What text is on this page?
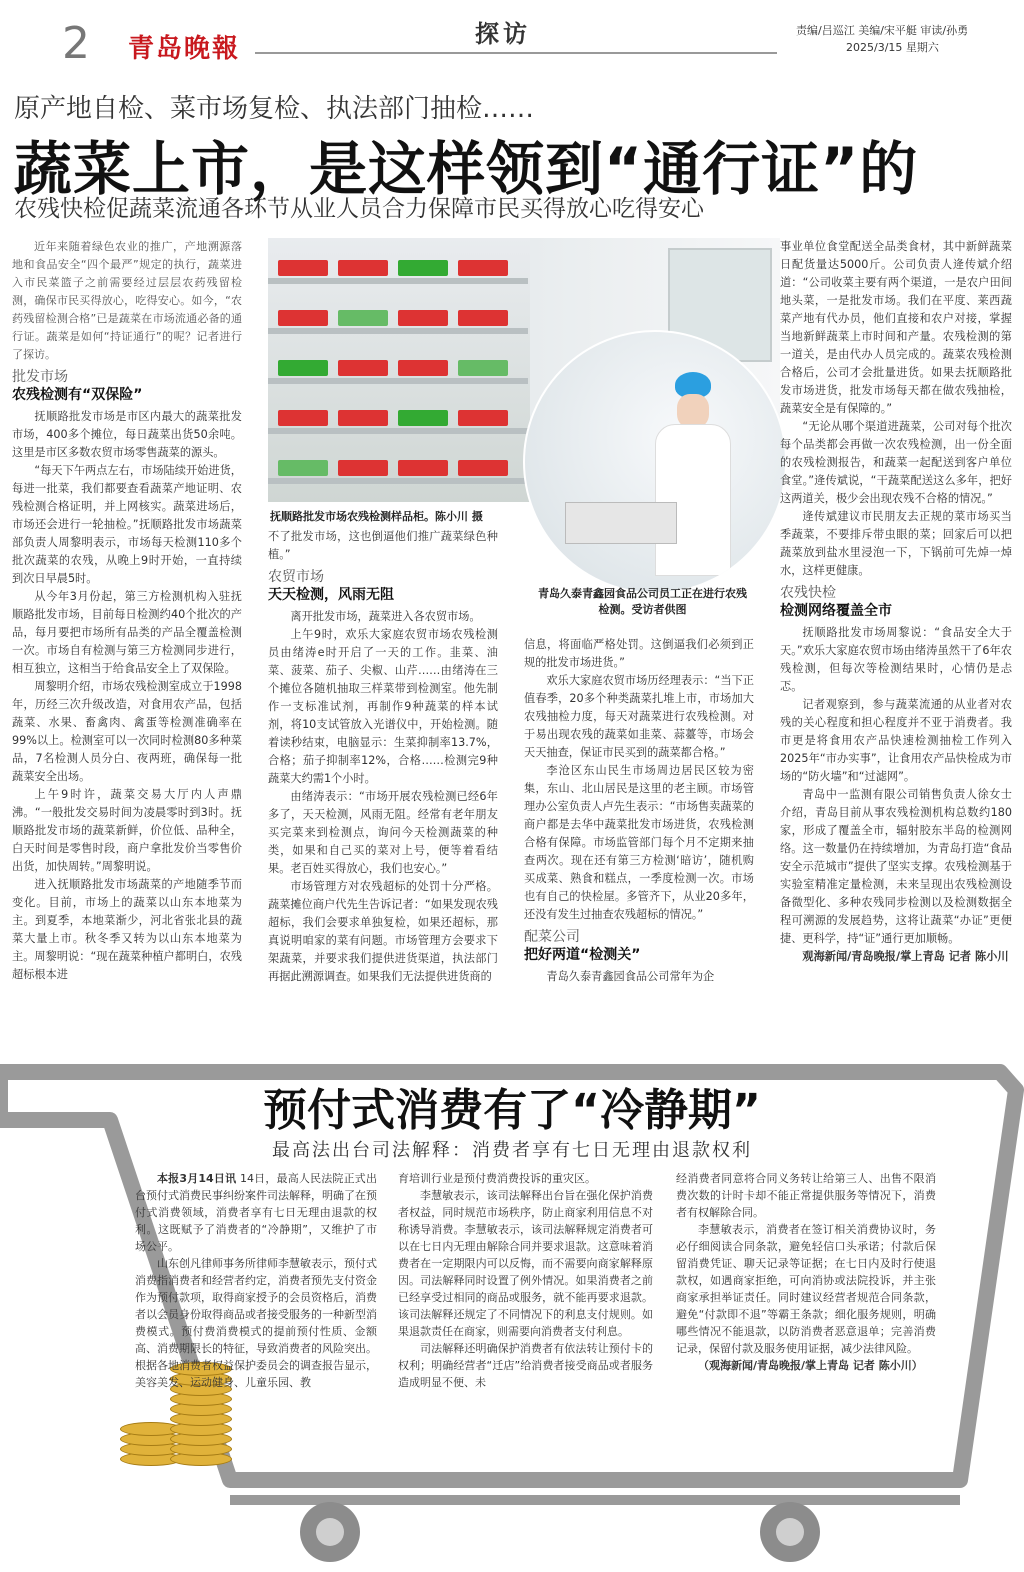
2 青岛晚報	探访	责编/吕巡江 美编/宋平艇 审读/孙勇
2025/3/15 星期六
原产地自检、菜市场复检、执法部门抽检……
蔬菜上市，是这样领到“通行证”的
农残快检促蔬菜流通各环节从业人员合力保障市民买得放心吃得安心

近年来随着绿色农业的推广，产地溯源落地和食品安全“四个最严”规定的执行，蔬菜进入市民菜篮子之前需要经过层层农药残留检测，确保市民买得放心，吃得安心。如今，“农药残留检测合格”已是蔬菜在市场流通必备的通行证。蔬菜是如何“持证通行”的呢？记者进行了探访。

批发市场
农残检测有“双保险”

抚顺路批发市场是市区内最大的蔬菜批发市场，400多个摊位，每日蔬菜出货50余吨。这里是市区多数农贸市场零售蔬菜的源头。

“每天下午两点左右，市场陆续开始进货，每进一批菜，我们都要查看蔬菜产地证明、农残检测合格证明，并上网核实。蔬菜进场后，市场还会进行一轮抽检。”抚顺路批发市场蔬菜部负责人周黎明表示，市场每天检测110多个批次蔬菜的农残，从晚上9时开始，一直持续到次日早晨5时。

从今年3月份起，第三方检测机构入驻抚顺路批发市场，目前每日检测约40个批次的产品，每月要把市场所有品类的产品全覆盖检测一次。市场自有检测与第三方检测同步进行，相互独立，这相当于给食品安全上了双保险。

周黎明介绍，市场农残检测室成立于1998年，历经三次升级改造，对食用农产品，包括蔬菜、水果、畜禽肉、禽蛋等检测准确率在99%以上。检测室可以一次同时检测80多种菜品，7名检测人员分白、夜两班，确保每一批蔬菜安全出场。

上午9时许，蔬菜交易大厅内人声鼎沸。“一般批发交易时间为凌晨零时到3时。抚顺路批发市场的蔬菜新鲜，价位低、品种全，白天时间是零售时段，商户拿批发价当零售价出货，加快周转。”周黎明说。

进入抚顺路批发市场蔬菜的产地随季节而变化。目前，市场上的蔬菜以山东本地菜为主。到夏季，本地菜渐少，河北省张北县的蔬菜大量上市。秋冬季又转为以山东本地菜为主。周黎明说：“现在蔬菜种植户都明白，农残超标根本进

抚顺路批发市场农残检测样品柜。陈小川 摄
青岛久泰青鑫园食品公司员工正在进行农残检测。受访者供图

不了批发市场，这也倒逼他们推广蔬菜绿色种植。”

农贸市场
天天检测，风雨无阻

离开批发市场，蔬菜进入各农贸市场。

上午9时，欢乐大家庭农贸市场农残检测员由绪涛e时开启了一天的工作。韭菜、油菜、菠菜、茄子、尖椒、山芹……由绪涛在三个摊位各随机抽取三样菜带到检测室。他先制作一支标准试剂，再制作9种蔬菜的样本试剂，将10支试管放入光谱仪中，开始检测。随着读秒结束，电脑显示：生菜抑制率13.7%，合格；茄子抑制率12%，合格……检测完9种蔬菜大约需1个小时。

由绪涛表示：“市场开展农残检测已经6年多了，天天检测，风雨无阻。经常有老年朋友买完菜来到检测点，询问今天检测蔬菜的种类，如果和自己买的菜对上号，便等着看结果。老百姓买得放心，我们也安心。”

市场管理方对农残超标的处罚十分严格。蔬菜摊位商户代先生告诉记者：“如果发现农残超标，我们会要求单独复检，如果还超标，那真说明咱家的菜有问题。市场管理方会要求下架蔬菜，并要求我们提供进货渠道，执法部门再据此溯源调查。如果我们无法提供进货商的

信息，将面临严格处罚。这倒逼我们必须到正规的批发市场进货。”

欢乐大家庭农贸市场历经理表示：“当下正值春季，20多个种类蔬菜扎堆上市，市场加大农残抽检力度，每天对蔬菜进行农残检测。对于易出现农残的蔬菜如韭菜、蒜薹等，市场会天天抽查，保证市民买到的蔬菜都合格。”

李沧区东山民生市场周边居民区较为密集，东山、北山居民是这里的老主顾。市场管理办公室负责人卢先生表示：“市场售卖蔬菜的商户都是去华中蔬菜批发市场进货，农残检测合格有保障。市场监管部门每个月不定期来抽查两次。现在还有第三方检测‘暗访’，随机购买成菜、熟食和糕点，一季度检测一次。市场也有自己的快检屋。多管齐下，从业20多年，还没有发生过抽查农残超标的情况。”

配菜公司
把好两道“检测关”

青岛久泰青鑫园食品公司常年为企

事业单位食堂配送全品类食材，其中新鲜蔬菜日配货量达5000斤。公司负责人逄传斌介绍道：“公司收菜主要有两个渠道，一是农户田间地头菜，一是批发市场。我们在平度、莱西蔬菜产地有代办员，他们直接和农户对接，掌握当地新鲜蔬菜上市时间和产量。农残检测的第一道关，是由代办人员完成的。蔬菜农残检测合格后，公司才会批量进货。如果去抚顺路批发市场进货，批发市场每天都在做农残抽检，蔬菜安全是有保障的。”

“无论从哪个渠道进蔬菜，公司对每个批次每个品类都会再做一次农残检测，出一份全面的农残检测报告，和蔬菜一起配送到客户单位食堂。”逄传斌说，“干蔬菜配送这么多年，把好这两道关，极少会出现农残不合格的情况。”

逄传斌建议市民朋友去正规的菜市场买当季蔬菜，不要排斥带虫眼的菜；回家后可以把蔬菜放到盐水里浸泡一下，下锅前可先焯一焯水，这样更健康。

农残快检
检测网络覆盖全市

抚顺路批发市场周黎说：“食品安全大于天。”欢乐大家庭农贸市场由绪涛虽然干了6年农残检测，但每次等检测结果时，心情仍是忐忑。

记者观察到，参与蔬菜流通的从业者对农残的关心程度和担心程度并不亚于消费者。我市更是将食用农产品快速检测抽检工作列入2025年“市办实事”，让食用农产品快检成为市场的“防火墙”和“过滤网”。

青岛中一监测有限公司销售负责人徐女士介绍，青岛目前从事农残检测机构总数约180家，形成了覆盖全市，辐射胶东半岛的检测网络。这一数量仍在持续增加，为青岛打造“食品安全示范城市”提供了坚实支撑。农残检测基于实验室精准定量检测，未来呈现出农残检测设备微型化、多种农残同步检测以及检测数据全程可溯源的发展趋势，这将让蔬菜“办证”更便捷、更科学，持“证”通行更加顺畅。

观海新闻/青岛晚报/掌上青岛 记者 陈小川

预付式消费有了“冷静期”
最高法出台司法解释：消费者享有七日无理由退款权利

本报3月14日讯 14日，最高人民法院正式出台预付式消费民事纠纷案件司法解释，明确了在预付式消费领域，消费者享有七日无理由退款的权利。这既赋予了消费者的“冷静期”，又维护了市场公平。

山东创凡律师事务所律师李慧敏表示，预付式消费指消费者和经营者约定，消费者预先支付资金作为预付款项，取得商家授予的会员资格后，消费者以会员身份取得商品或者接受服务的一种新型消费模式。预付费消费模式的提前预付性质、金额高、消费期限长的特征，导致消费者的风险突出。根据各地消费者权益保护委员会的调查报告显示，美容美发、运动健身、儿童乐园、教

育培训行业是预付费消费投诉的重灾区。

李慧敏表示，该司法解释出台旨在强化保护消费者权益，同时规范市场秩序，防止商家利用信息不对称诱导消费。李慧敏表示，该司法解释规定消费者可以在七日内无理由解除合同并要求退款。这意味着消费者在一定期限内可以反悔，而不需要向商家解释原因。司法解释同时设置了例外情况。如果消费者之前已经享受过相同的商品或服务，就不能再要求退款。该司法解释还规定了不同情况下的利息支付规则。如果退款责任在商家，则需要向消费者支付利息。

司法解释还明确保护消费者有依法转让预付卡的权利；明确经营者“迁店”给消费者接受商品或者服务造成明显不便、未

经消费者同意将合同义务转让给第三人、出售不限消费次数的计时卡却不能正常提供服务等情况下，消费者有权解除合同。

李慧敏表示，消费者在签订相关消费协议时，务必仔细阅读合同条款，避免轻信口头承诺；付款后保留消费凭证、聊天记录等证据；在七日内及时行使退款权，如遇商家拒绝，可向消协或法院投诉，并主张商家承担举证责任。同时建议经营者规范合同条款，避免“付款即不退”等霸王条款；细化服务规则，明确哪些情况不能退款，以防消费者恶意退单；完善消费记录，保留付款及服务使用证据，减少法律风险。

（观海新闻/青岛晚报/掌上青岛 记者 陈小川）
